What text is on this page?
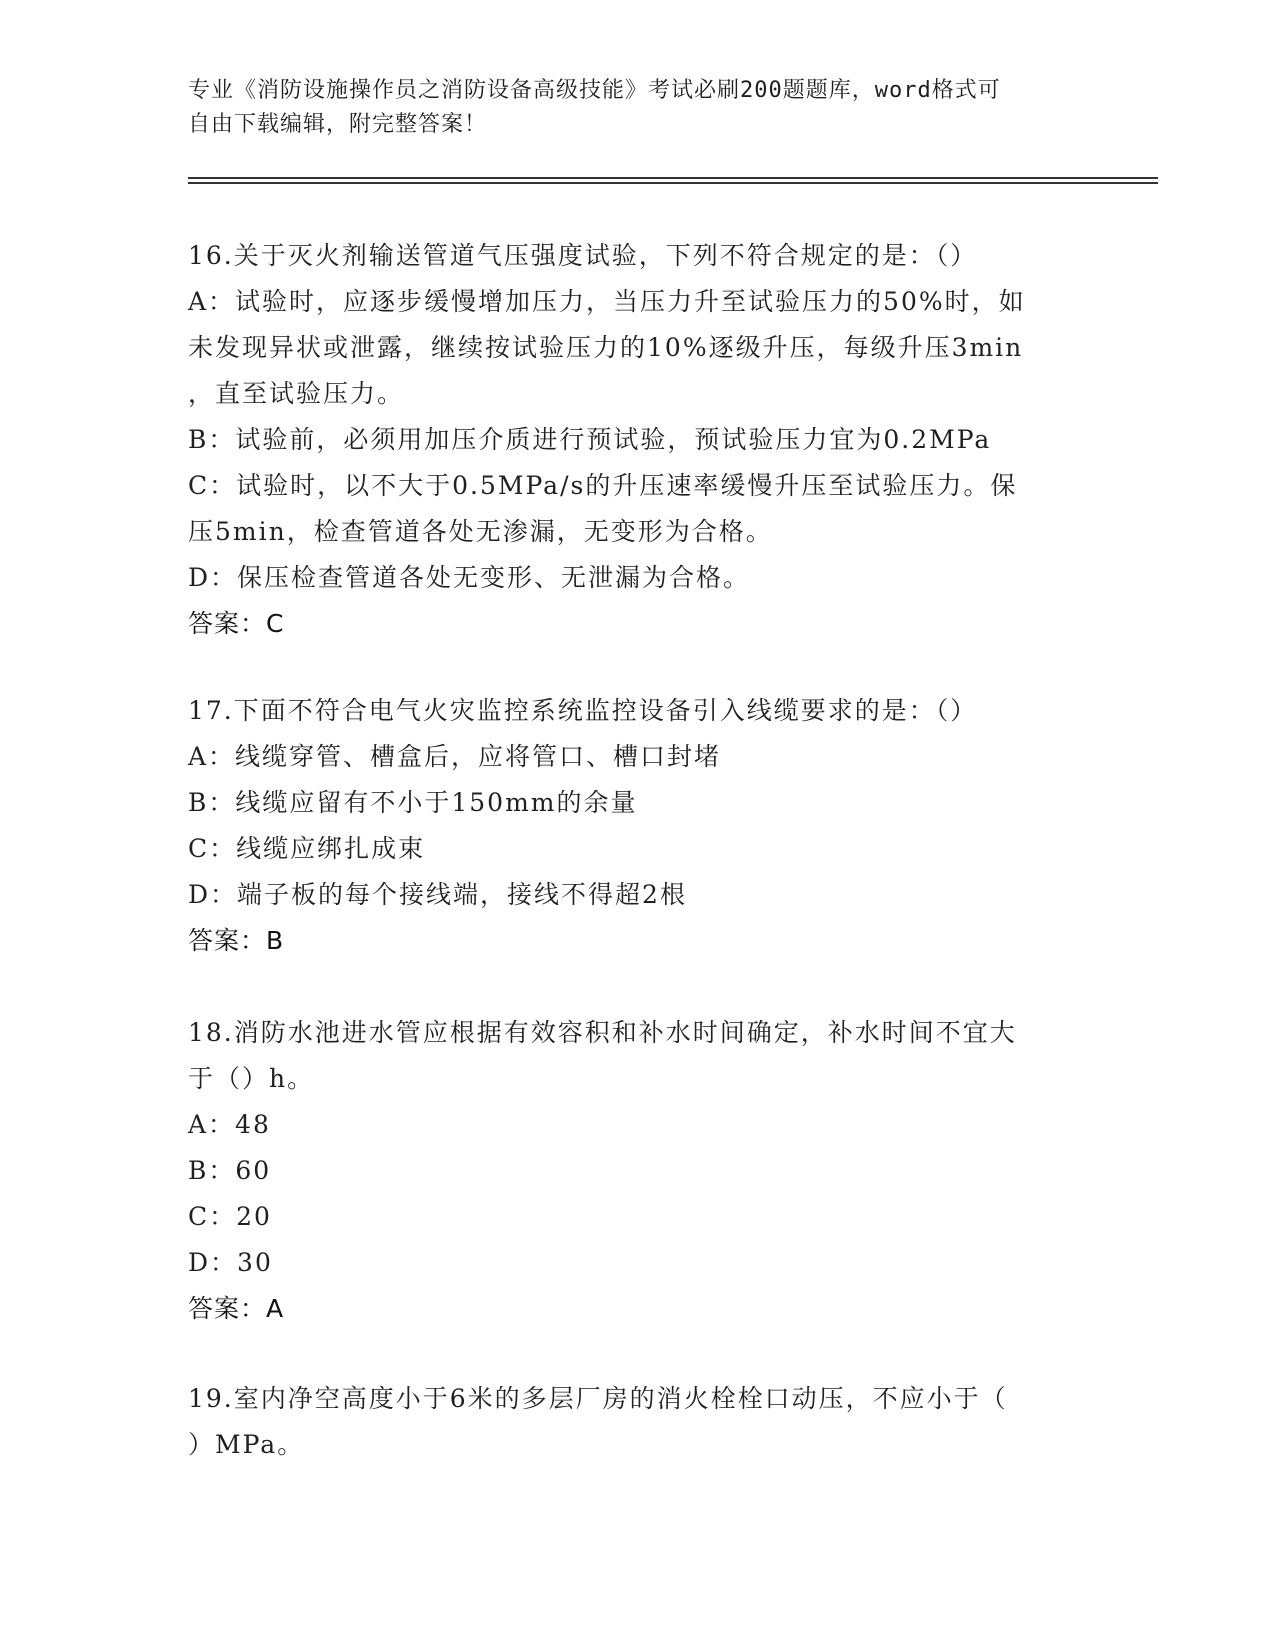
专业《消防设施操作员之消防设备高级技能》考试必刷200题题库，word格式可
自由下载编辑，附完整答案！
16.关于灭火剂输送管道气压强度试验，下列不符合规定的是：（）
A：试验时，应逐步缓慢增加压力，当压力升至试验压力的50%时，如
未发现异状或泄露，继续按试验压力的10%逐级升压，每级升压3min
，直至试验压力。
B：试验前，必须用加压介质进行预试验，预试验压力宜为0.2MPa
C：试验时，以不大于0.5MPa/s的升压速率缓慢升压至试验压力。保
压5min，检查管道各处无渗漏，无变形为合格。
D：保压检查管道各处无变形、无泄漏为合格。
答案：C
17.下面不符合电气火灾监控系统监控设备引入线缆要求的是：（）
A：线缆穿管、槽盒后，应将管口、槽口封堵
B：线缆应留有不小于150mm的余量
C：线缆应绑扎成束
D：端子板的每个接线端，接线不得超2根
答案：B
18.消防水池进水管应根据有效容积和补水时间确定，补水时间不宜大
于（）h。
A：48
B：60
C：20
D：30
答案：A
19.室内净空高度小于6米的多层厂房的消火栓栓口动压，不应小于（
）MPa。
